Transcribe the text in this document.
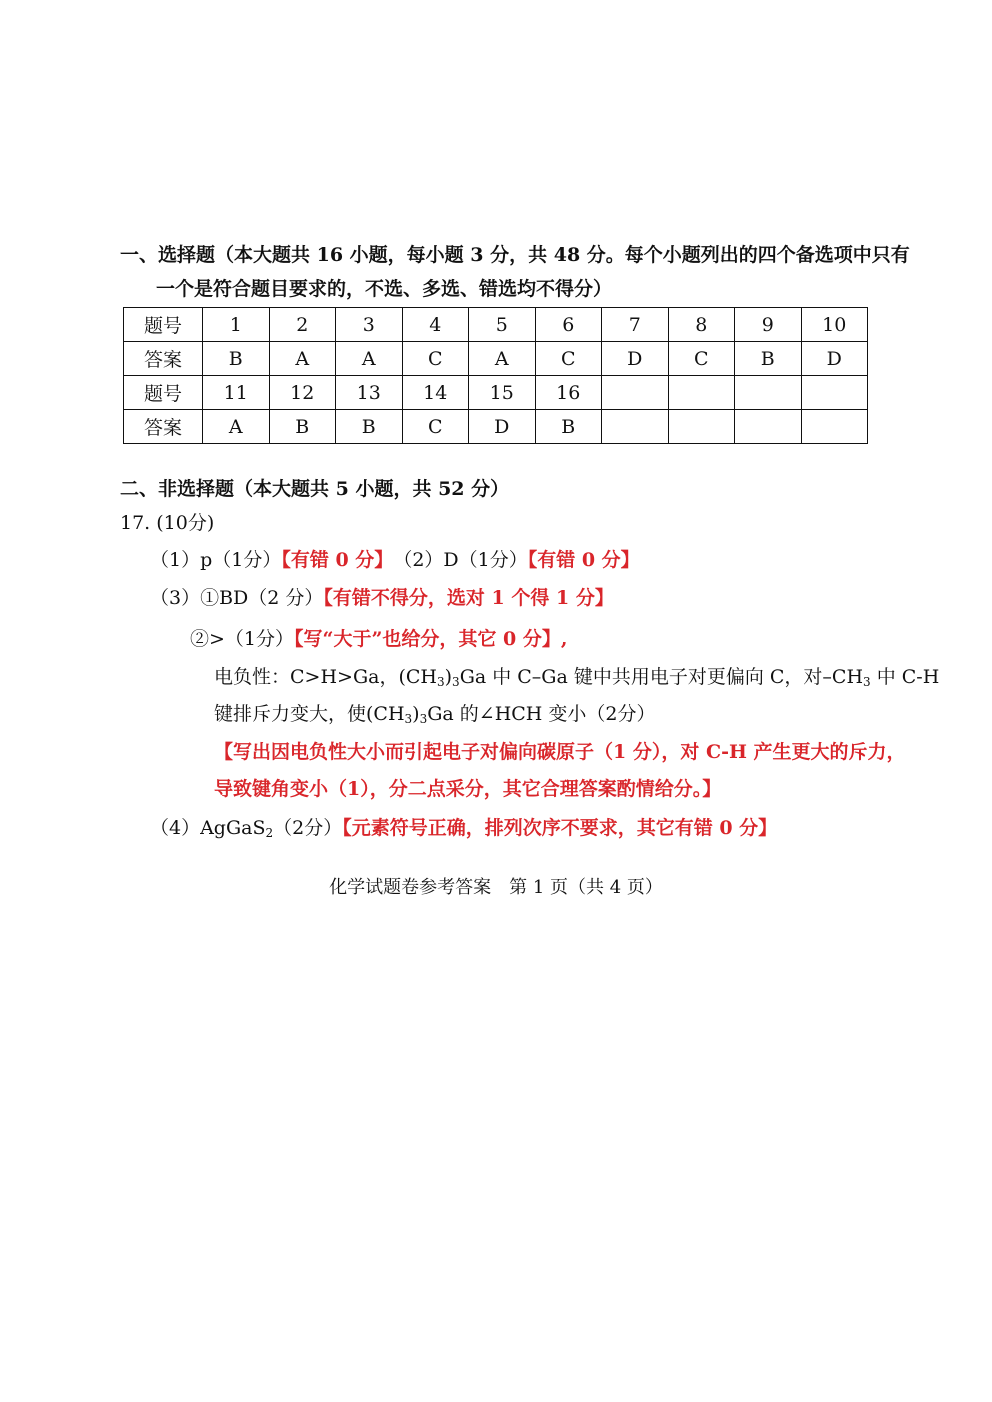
一、选择题（本大题共 16 小题，每小题 3 分，共 48 分。每个小题列出的四个备选项中只有
一个是符合题目要求的，不选、多选、错选均不得分）
题号	1	2	3	4	5	6	7	8	9	10
答案	B	A	A	C	A	C	D	C	B	D
题号	11	12	13	14	15	16				
答案	A	B	B	C	D	B				
二、非选择题（本大题共 5 小题，共 52 分）
17. (10分)
（1）p（1分）【有错 0 分】　 （2）D（1分）【有错 0 分】
（3）①BD（2 分）【有错不得分，选对 1 个得 1 分】
②>（1分）【写“大于”也给分，其它 0 分】,
电负性：C>H>Ga，$(CH_3)_3Ga$ 中 C–Ga 键中共用电子对更偏向 C，对$-CH_3$ 中 C-H
键排斥力变大，使$(CH_3)_3Ga$ 的∠HCH 变小（2分）
【写出因电负性大小而引起电子对偏向碳原子（1 分），对 C-H 产生更大的斥力，
导致键角变小（1），分二点采分，其它合理答案酌情给分。】
（4）AgGaS$_2$（2分）【元素符号正确，排列次序不要求，其它有错 0 分】
化学试题卷参考答案　第 1 页（共 4 页）
